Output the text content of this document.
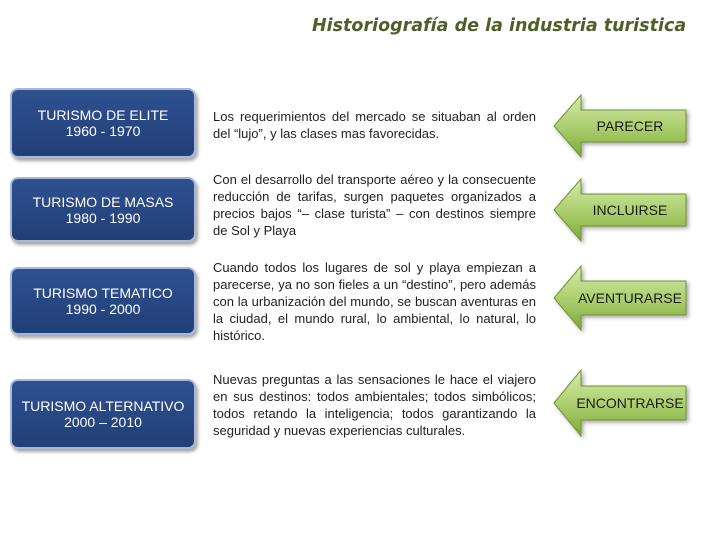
Historiografía de la industria turistica
TURISMO DE ELITE
1960 - 1970
Los requerimientos del mercado se situaban al orden del “lujo”, y las clases mas favorecidas.	PARECER
TURISMO DE MASAS
1980 - 1990
Con el desarrollo del transporte aéreo y la consecuente reducción de tarifas, surgen paquetes organizados a precios bajos “– clase turista” – con destinos siempre de Sol y Playa
INCLUIRSE
TURISMO TEMATICO
1990 - 2000
Cuando todos los lugares de sol y playa empiezan a parecerse, ya no son fieles a un “destino”, pero además con la urbanización del mundo, se buscan aventuras en la ciudad, el mundo rural, lo ambiental, lo natural, lo histórico.
AVENTURARSE
TURISMO ALTERNATIVO
2000 – 2010
Nuevas preguntas a las sensaciones le hace el viajero en sus destinos: todos ambientales; todos simbólicos; todos retando la inteligencia; todos garantizando la seguridad y nuevas experiencias culturales.
ENCONTRARSE
